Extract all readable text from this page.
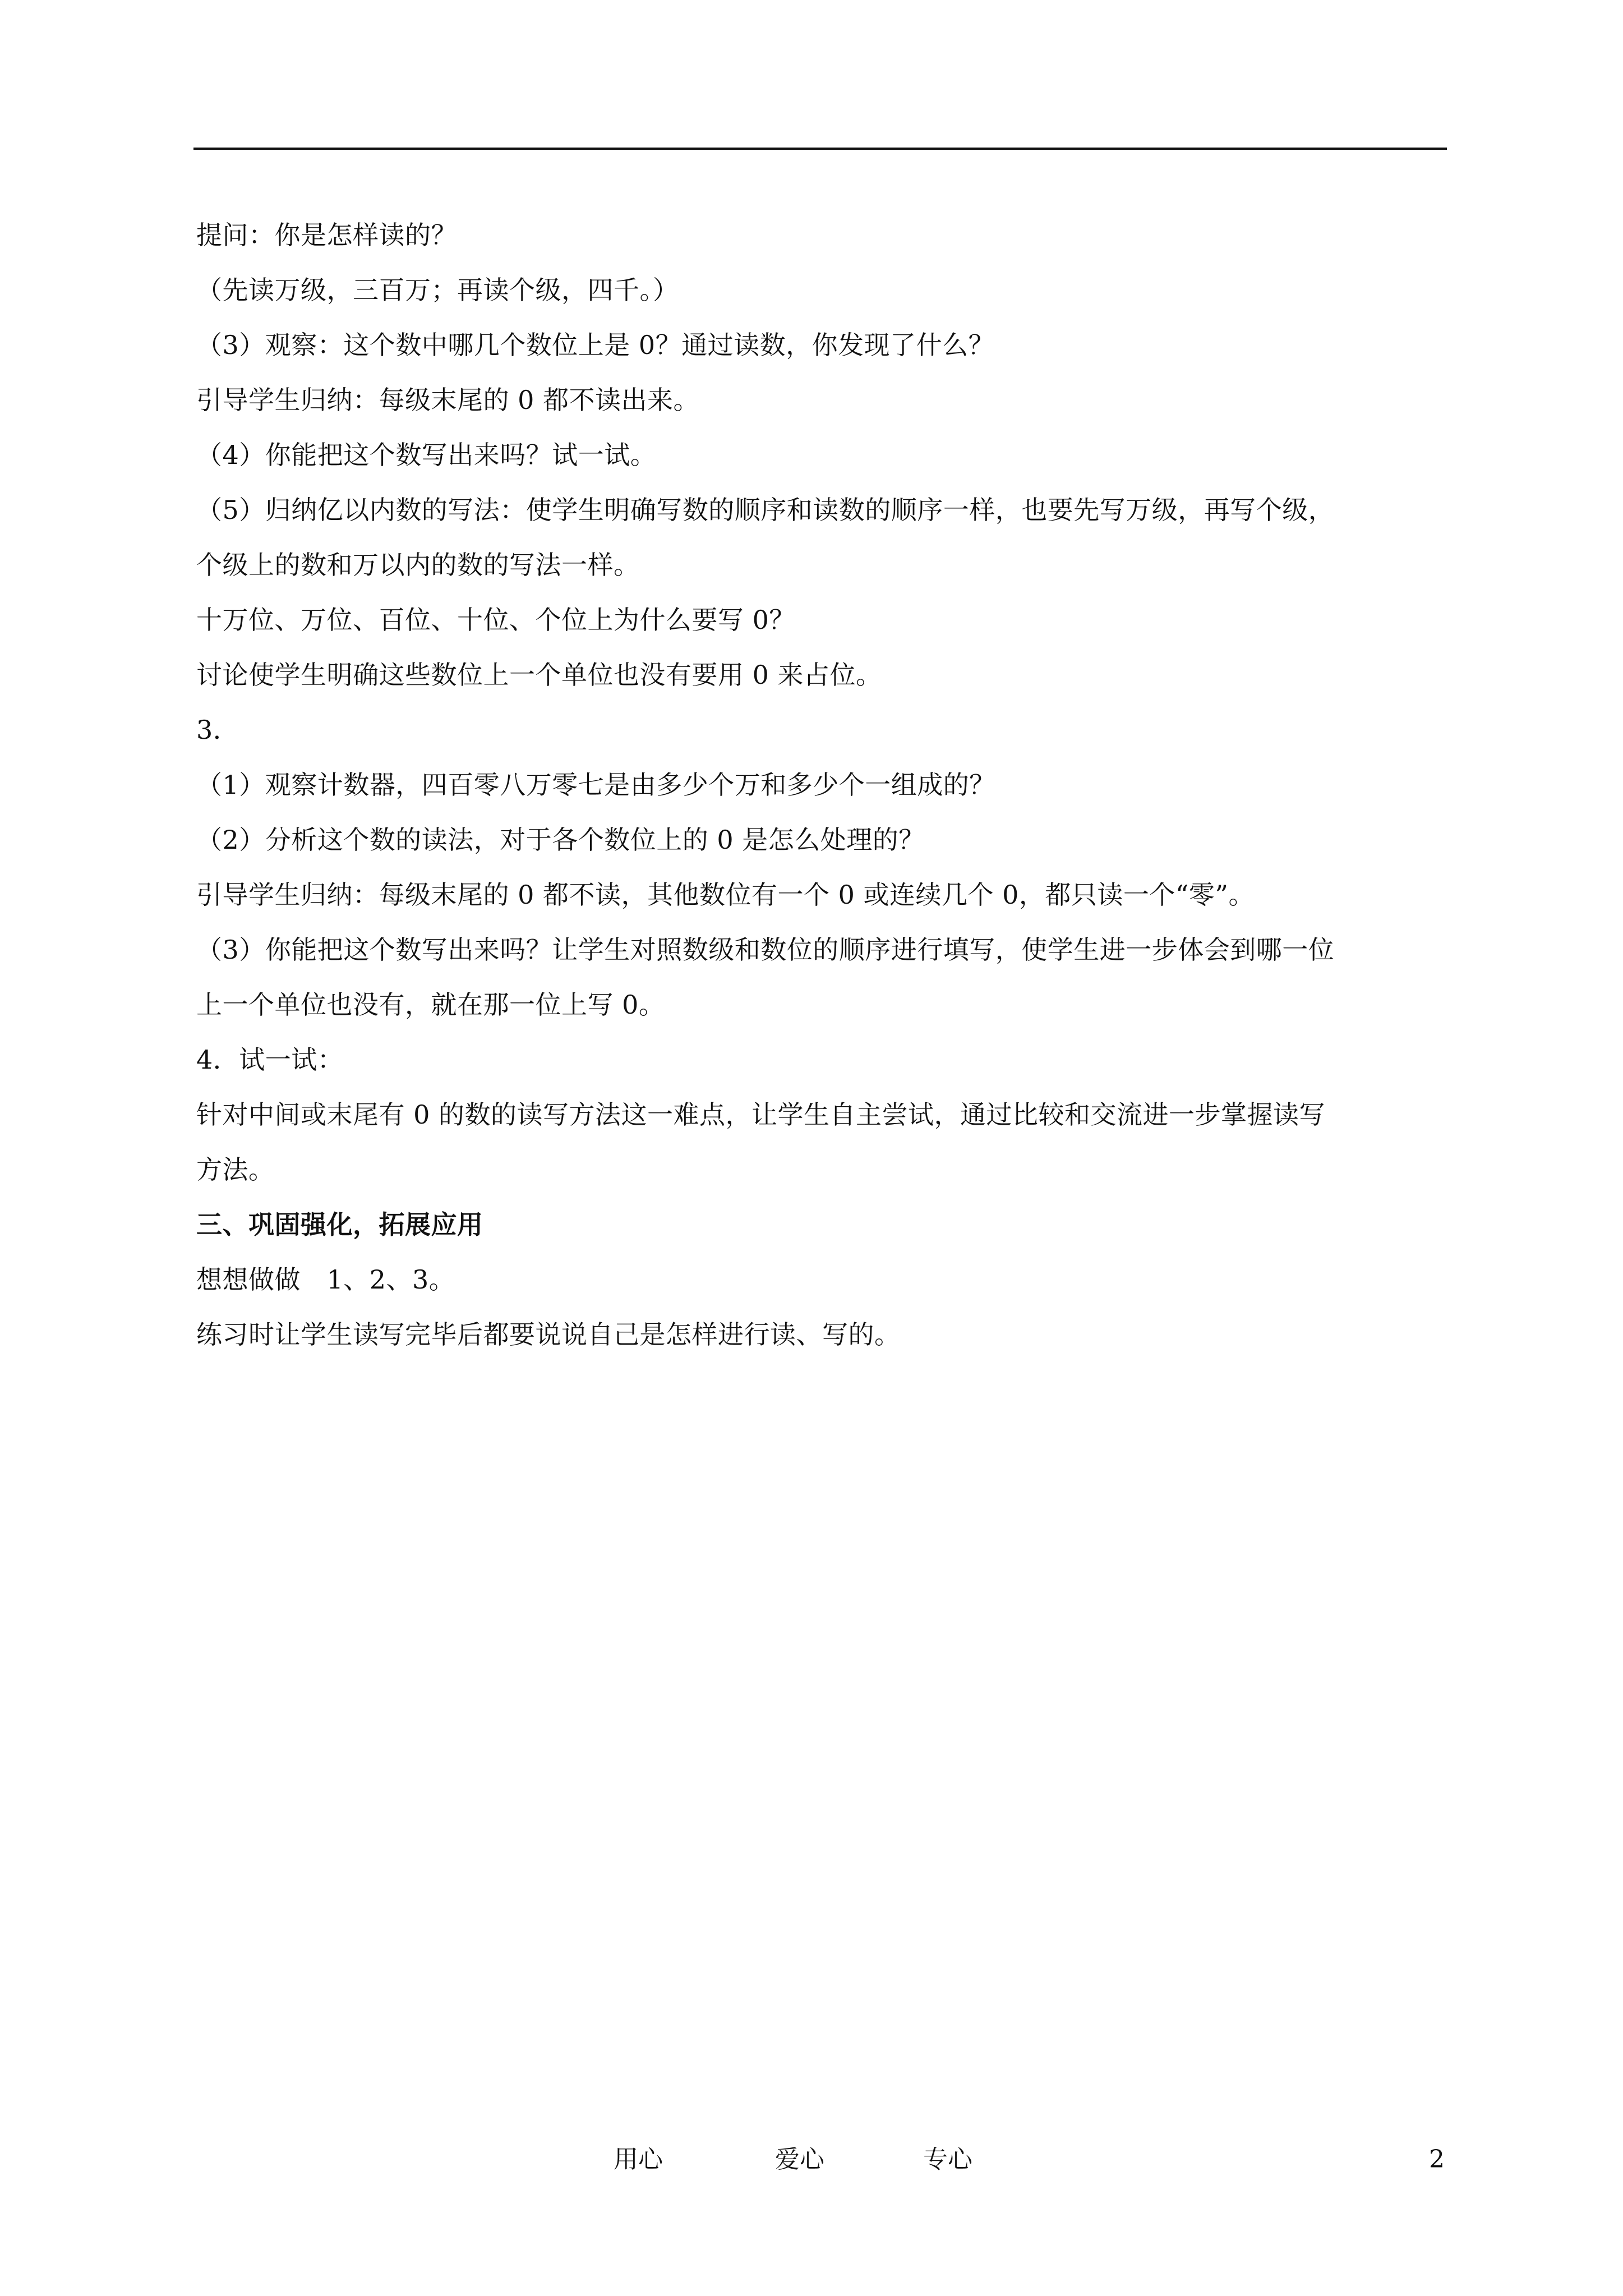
提问：你是怎样读的？
（先读万级，三百万；再读个级，四千。）
（3）观察：这个数中哪几个数位上是 0？通过读数，你发现了什么？
引导学生归纳：每级末尾的 0 都不读出来。
（4）你能把这个数写出来吗？试一试。
（5）归纳亿以内数的写法：使学生明确写数的顺序和读数的顺序一样，也要先写万级，再写个级，
个级上的数和万以内的数的写法一样。
十万位、万位、百位、十位、个位上为什么要写 0？
讨论使学生明确这些数位上一个单位也没有要用 0 来占位。
3．
（1）观察计数器，四百零八万零七是由多少个万和多少个一组成的？
（2）分析这个数的读法，对于各个数位上的 0 是怎么处理的？
引导学生归纳：每级末尾的 0 都不读，其他数位有一个 0 或连续几个 0，都只读一个“零”。
（3）你能把这个数写出来吗？让学生对照数级和数位的顺序进行填写，使学生进一步体会到哪一位
上一个单位也没有，就在那一位上写 0。
4．试一试：
针对中间或末尾有 0 的数的读写方法这一难点，让学生自主尝试，通过比较和交流进一步掌握读写
方法。
三、巩固强化，拓展应用
想想做做　1、2、3。
练习时让学生读写完毕后都要说说自己是怎样进行读、写的。
用心	爱心	专心	2
